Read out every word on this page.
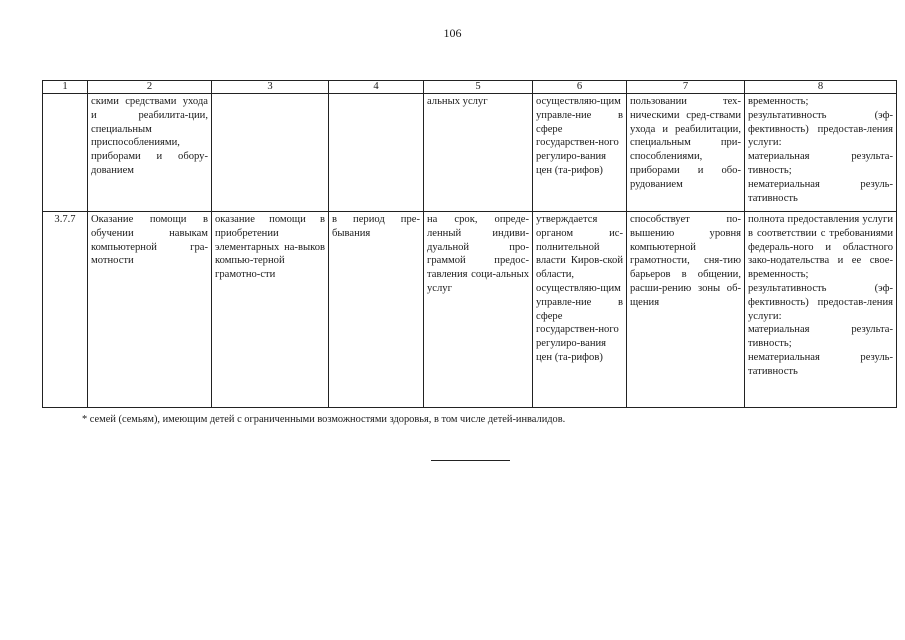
106
1	2	3	4	5	6	7	8
	скими средствами ухода и реабилита-ции, специальным приспособлениями, приборами и обору-дованием			альных услуг	осуществляю-щим управле-ние в сфере государствен-ного регулиро-вания цен (та-рифов)	пользовании тех-ническими сред-ствами ухода и реабилитации, специальным при-способлениями, приборами и обо-рудованием	временность;
результативность (эф-фективность) предостав-ления услуги:
материальная результа-тивность;
нематериальная резуль-тативность
3.7.7	Оказание помощи в обучении навыкам компьютерной гра-мотности	оказание помощи в приобретении элементарных на-выков компью-терной грамотно-сти	в период пре-бывания	на срок, опреде-ленный индиви-дуальной про-граммой предос-тавления соци-альных услуг	утверждается органом ис-полнительной власти Киров-ской области, осуществляю-щим управле-ние в сфере государствен-ного регулиро-вания цен (та-рифов)	способствует по-вышению уровня компьютерной грамотности, сня-тию барьеров в общении, расши-рению зоны об-щения	полнота предоставления услуги в соответствии с требованиями федераль-ного и областного зако-нодательства и ее свое-временность;
результативность (эф-фективность) предостав-ления услуги:
материальная результа-тивность;
нематериальная резуль-тативность
* семей (семьям), имеющим детей с ограниченными возможностями здоровья, в том числе детей-инвалидов.
